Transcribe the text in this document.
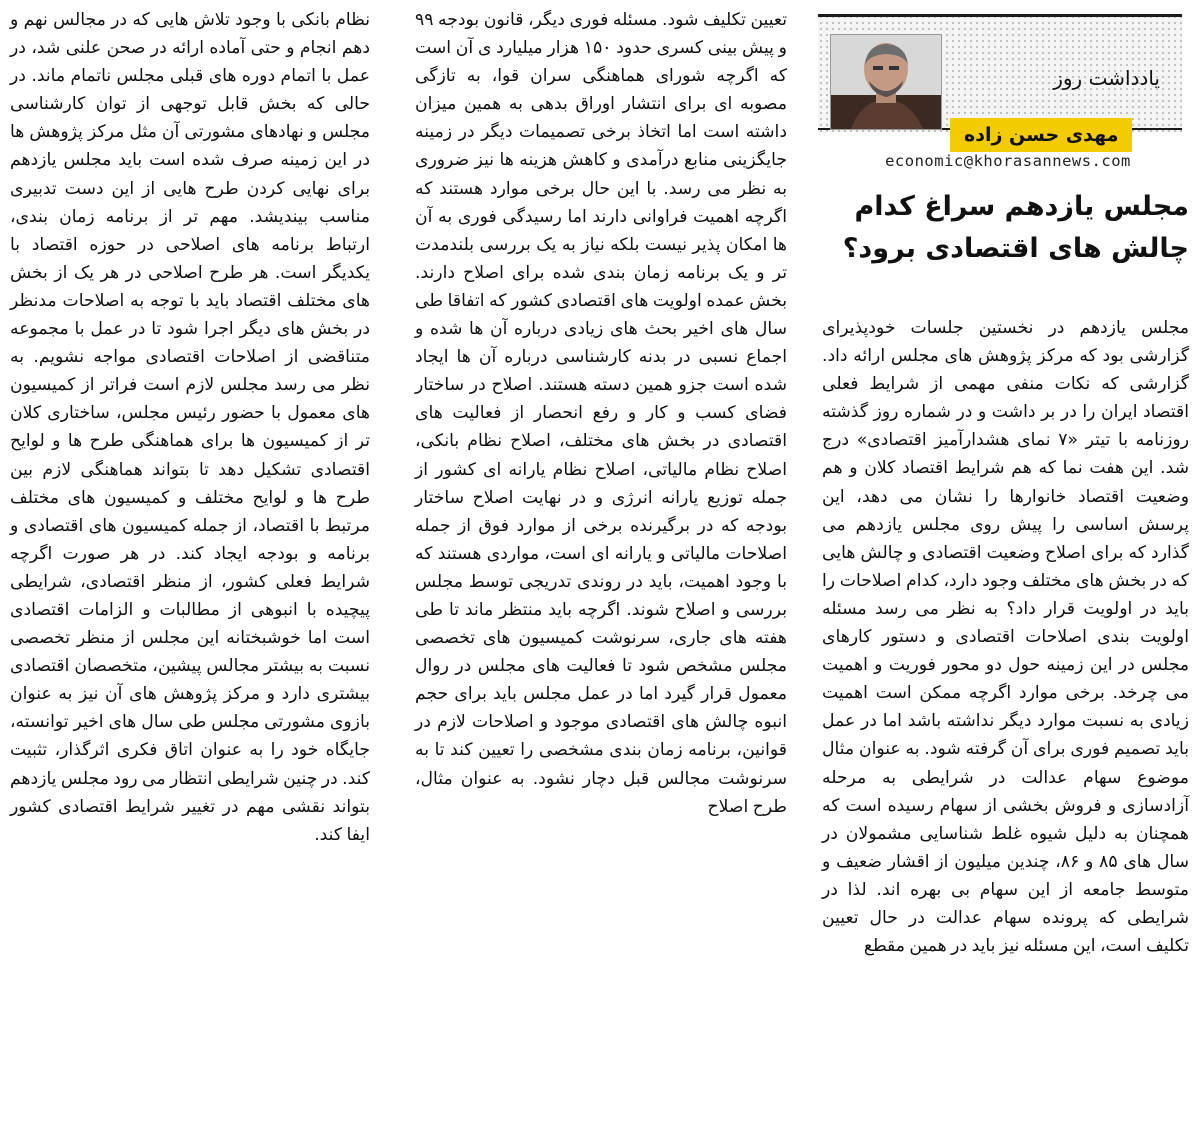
یادداشت روز
مهدی حسن زاده
economic@khorasannews.com
مجلس یازدهم سراغ کدام چالش های اقتصادی برود؟

مجلس یازدهم در نخستین جلسات خودپذیرای گزارشی بود که مرکز پژوهش های مجلس ارائه داد. گزارشی که نکات منفی مهمی از شرایط فعلی اقتصاد ایران را در بر داشت و در شماره روز گذشته روزنامه با تیتر «۷ نمای هشدارآمیز اقتصادی» درج شد. این هفت نما که هم شرایط اقتصاد کلان و هم وضعیت اقتصاد خانوارها را نشان می دهد، این پرسش اساسی را پیش روی مجلس یازدهم می گذارد که برای اصلاح وضعیت اقتصادی و چالش هایی که در بخش های مختلف وجود دارد، کدام اصلاحات را باید در اولویت قرار داد؟ به نظر می رسد مسئله اولویت بندی اصلاحات اقتصادی و دستور کارهای مجلس در این زمینه حول دو محور فوریت و اهمیت می چرخد. برخی موارد اگرچه ممکن است اهمیت زیادی به نسبت موارد دیگر نداشته باشد اما در عمل باید تصمیم فوری برای آن گرفته شود. به عنوان مثال موضوع سهام عدالت در شرایطی به مرحله آزادسازی و فروش بخشی از سهام رسیده است که همچنان به دلیل شیوه غلط شناسایی مشمولان در سال های ۸۵ و ۸۶، چندین میلیون از اقشار ضعیف و متوسط جامعه از این سهام بی بهره اند. لذا در شرایطی که پرونده سهام عدالت در حال تعیین تکلیف است، این مسئله نیز باید در همین مقطع

تعیین تکلیف شود. مسئله فوری دیگر، قانون بودجه ۹۹ و پیش بینی کسری حدود ۱۵۰ هزار میلیارد ی آن است که اگرچه شورای هماهنگی سران قوا، به تازگی مصوبه ای برای انتشار اوراق بدهی به همین میزان داشته است اما اتخاذ برخی تصمیمات دیگر در زمینه جایگزینی منابع درآمدی و کاهش هزینه ها نیز ضروری به نظر می رسد. با این حال برخی موارد هستند که اگرچه اهمیت فراوانی دارند اما رسیدگی فوری به آن ها امکان پذیر نیست بلکه نیاز به یک بررسی بلندمدت تر و یک برنامه زمان بندی شده برای اصلاح دارند. بخش عمده اولویت های اقتصادی کشور که اتفاقا طی سال های اخیر بحث های زیادی درباره آن ها شده و اجماع نسبی در بدنه کارشناسی درباره آن ها ایجاد شده است جزو همین دسته هستند. اصلاح در ساختار فضای کسب و کار و رفع انحصار از فعالیت های اقتصادی در بخش های مختلف، اصلاح نظام بانکی، اصلاح نظام مالیاتی، اصلاح نظام یارانه ای کشور از جمله توزیع یارانه انرژی و در نهایت اصلاح ساختار بودجه که در برگیرنده برخی از موارد فوق از جمله اصلاحات مالیاتی و یارانه ای است، مواردی هستند که با وجود اهمیت، باید در روندی تدریجی توسط مجلس بررسی و اصلاح شوند. اگرچه باید منتظر ماند تا طی هفته های جاری، سرنوشت کمیسیون های تخصصی مجلس مشخص شود تا فعالیت های مجلس در روال معمول قرار گیرد اما در عمل مجلس باید برای حجم انبوه چالش های اقتصادی موجود و اصلاحات لازم در قوانین، برنامه زمان بندی مشخصی را تعیین کند تا به سرنوشت مجالس قبل دچار نشود. به عنوان مثال، طرح اصلاح

نظام بانکی با وجود تلاش هایی که در مجالس نهم و دهم انجام و حتی آماده ارائه در صحن علنی شد، در عمل با اتمام دوره های قبلی مجلس ناتمام ماند. در حالی که بخش قابل توجهی از توان کارشناسی مجلس و نهادهای مشورتی آن مثل مرکز پژوهش ها در این زمینه صرف شده است باید مجلس یازدهم برای نهایی کردن طرح هایی از این دست تدبیری مناسب بیندیشد. مهم تر از برنامه زمان بندی، ارتباط برنامه های اصلاحی در حوزه اقتصاد با یکدیگر است. هر طرح اصلاحی در هر یک از بخش های مختلف اقتصاد باید با توجه به اصلاحات مدنظر در بخش های دیگر اجرا شود تا در عمل با مجموعه متناقضی از اصلاحات اقتصادی مواجه نشویم. به نظر می رسد مجلس لازم است فراتر از کمیسیون های معمول با حضور رئیس مجلس، ساختاری کلان تر از کمیسیون ها برای هماهنگی طرح ها و لوایح اقتصادی تشکیل دهد تا بتواند هماهنگی لازم بین طرح ها و لوایح مختلف و کمیسیون های مختلف مرتبط با اقتصاد، از جمله کمیسیون های اقتصادی و برنامه و بودجه ایجاد کند. در هر صورت اگرچه شرایط فعلی کشور، از منظر اقتصادی، شرایطی پیچیده با انبوهی از مطالبات و الزامات اقتصادی است اما خوشبختانه این مجلس از منظر تخصصی نسبت به بیشتر مجالس پیشین، متخصصان اقتصادی بیشتری دارد و مرکز پژوهش های آن نیز به عنوان بازوی مشورتی مجلس طی سال های اخیر توانسته، جایگاه خود را به عنوان اتاق فکری اثرگذار، تثبیت کند. در چنین شرایطی انتظار می رود مجلس یازدهم بتواند نقشی مهم در تغییر شرایط اقتصادی کشور ایفا کند.
